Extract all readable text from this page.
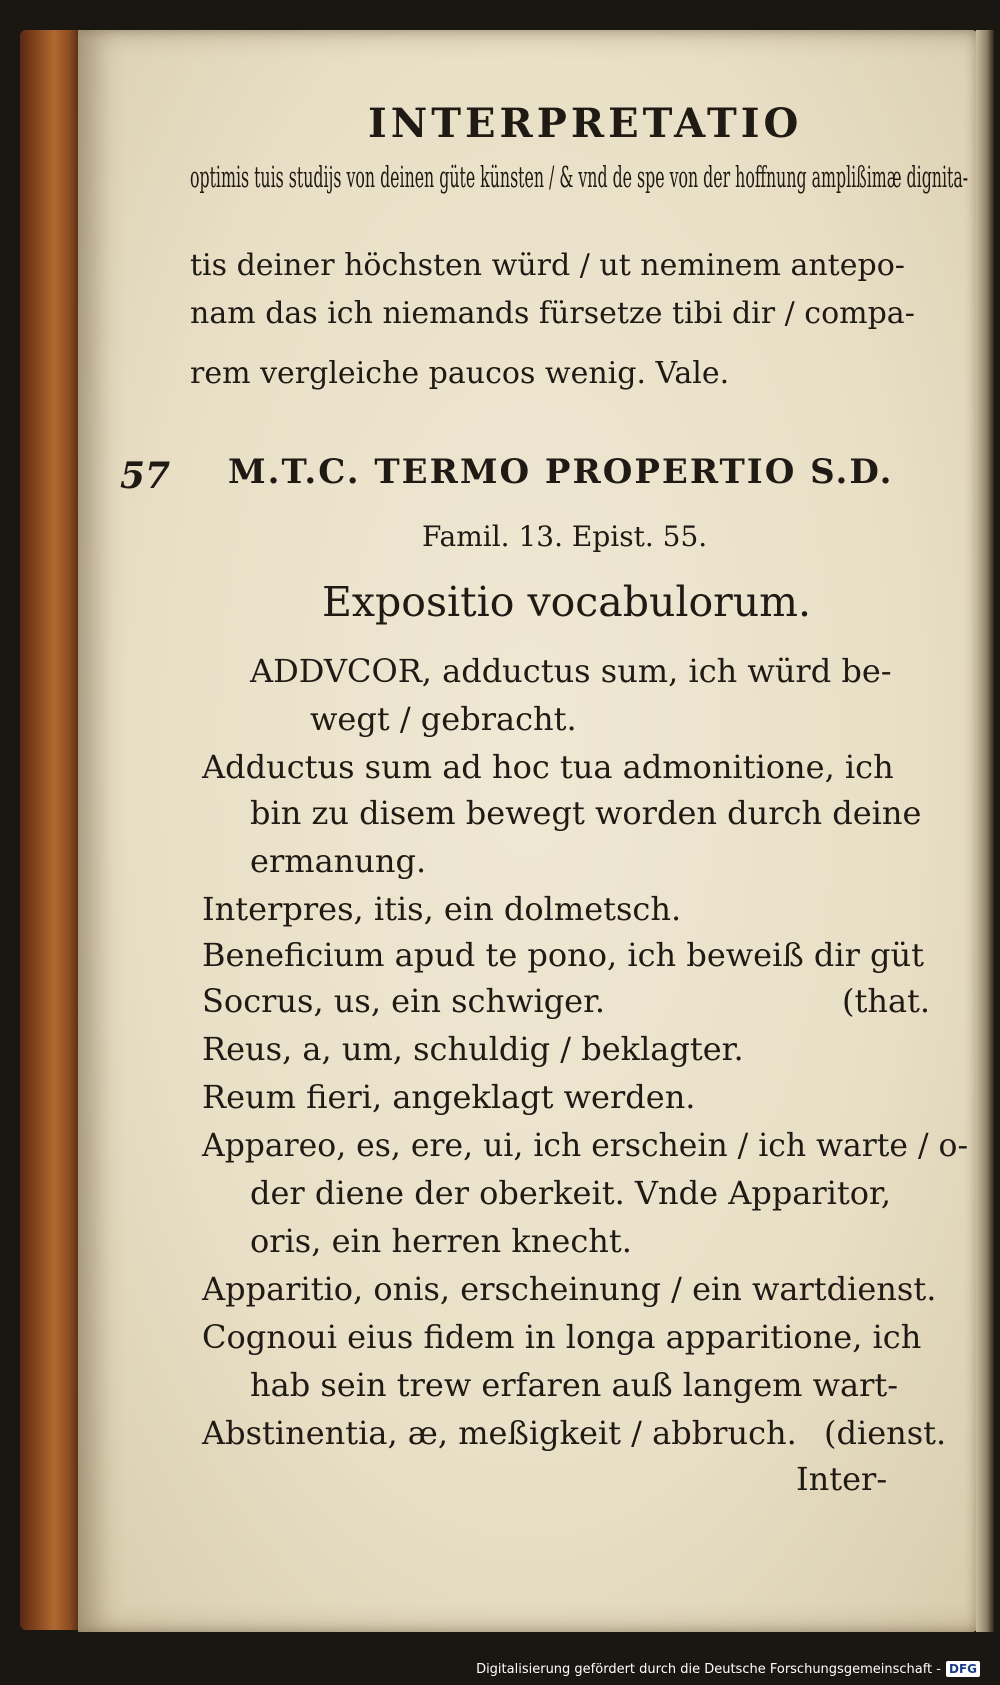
INTERPRETATIO
optimis tuis studijs von deinen güte künsten / & vnd de spe von der hoffnung amplißimæ dignita-
tis deiner höchsten würd / ut neminem antepo-
nam das ich niemands fürsetze tibi dir / compa-
rem vergleiche paucos wenig. Vale.
57 M.T.C. TERMO PROPERTIO S.D.
Famil. 13. Epist. 55.
Expositio vocabulorum.
ADDVCOR, adductus sum, ich würd be-
wegt / gebracht.
Adductus sum ad hoc tua admonitione, ich
bin zu disem bewegt worden durch deine
ermanung.
Interpres, itis, ein dolmetsch.
Beneficium apud te pono, ich beweiß dir güt
Socrus, us, ein schwiger.	(that.
Reus, a, um, schuldig / beklagter.
Reum fieri, angeklagt werden.
Appareo, es, ere, ui, ich erschein / ich warte / o-
der diene der oberkeit. Vnde Apparitor,
oris, ein herren knecht.
Apparitio, onis, erscheinung / ein wartdienst.
Cognoui eius fidem in longa apparitione, ich
hab sein trew erfaren auß langem wart-
Abstinentia, æ, meßigkeit / abbruch. (dienst.
Inter-
Digitalisierung gefördert durch die Deutsche Forschungsgemeinschaft - DFG
